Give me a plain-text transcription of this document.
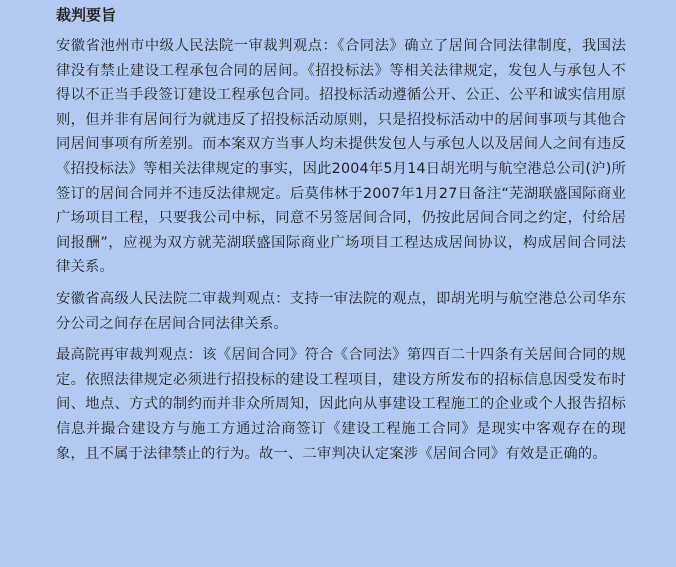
裁判要旨

安徽省池州市中级人民法院一审裁判观点：《合同法》确立了居间合同法律制度，我国法律没有禁止建设工程承包合同的居间。《招投标法》等相关法律规定，发包人与承包人不得以不正当手段签订建设工程承包合同。招投标活动遵循公开、公正、公平和诚实信用原则，但并非有居间行为就违反了招投标活动原则，只是招投标活动中的居间事项与其他合同居间事项有所差别。而本案双方当事人均未提供发包人与承包人以及居间人之间有违反《招投标法》等相关法律规定的事实，因此2004年5月14日胡光明与航空港总公司(沪)所签订的居间合同并不违反法律规定。后莫伟林于2007年1月27日备注“芜湖联盛国际商业广场项目工程，只要我公司中标，同意不另签居间合同，仍按此居间合同之约定，付给居间报酬”，应视为双方就芜湖联盛国际商业广场项目工程达成居间协议，构成居间合同法律关系。

安徽省高级人民法院二审裁判观点：支持一审法院的观点，即胡光明与航空港总公司华东分公司之间存在居间合同法律关系。

最高院再审裁判观点：该《居间合同》符合《合同法》第四百二十四条有关居间合同的规定。依照法律规定必须进行招投标的建设工程项目，建设方所发布的招标信息因受发布时间、地点、方式的制约而并非众所周知，因此向从事建设工程施工的企业或个人报告招标信息并撮合建设方与施工方通过洽商签订《建设工程施工合同》是现实中客观存在的现象，且不属于法律禁止的行为。故一、二审判决认定案涉《居间合同》有效是正确的。
